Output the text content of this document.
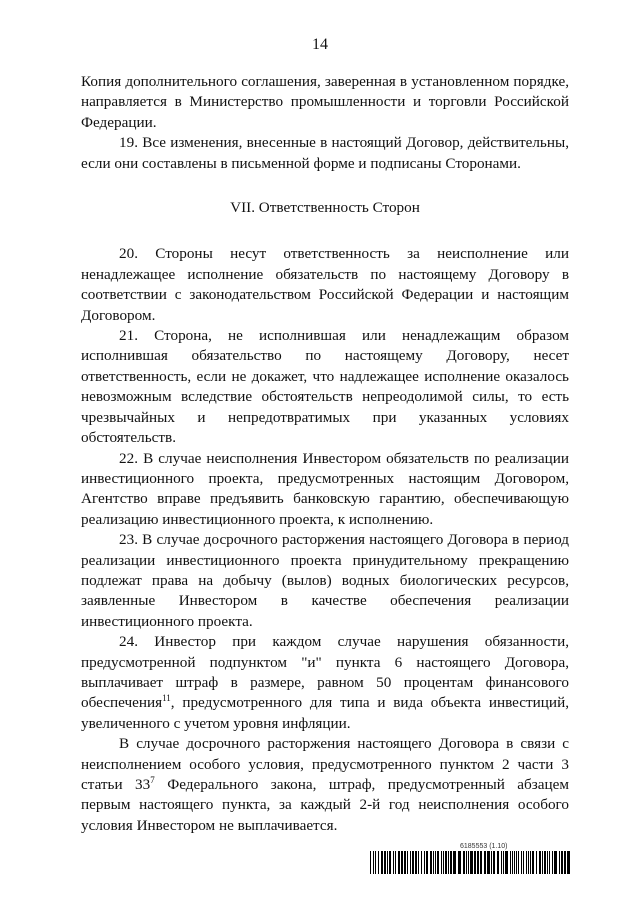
14

Копия дополнительного соглашения, заверенная в установленном порядке, направляется в Министерство промышленности и торговли Российской Федерации.

19. Все изменения, внесенные в настоящий Договор, действительны, если они составлены в письменной форме и подписаны Сторонами.

VII. Ответственность Сторон

20. Стороны несут ответственность за неисполнение или ненадлежащее исполнение обязательств по настоящему Договору в соответствии с законодательством Российской Федерации и настоящим Договором.

21. Сторона, не исполнившая или ненадлежащим образом исполнившая обязательство по настоящему Договору, несет ответственность, если не докажет, что надлежащее исполнение оказалось невозможным вследствие обстоятельств непреодолимой силы, то есть чрезвычайных и непредотвратимых при указанных условиях обстоятельств.

22. В случае неисполнения Инвестором обязательств по реализации инвестиционного проекта, предусмотренных настоящим Договором, Агентство вправе предъявить банковскую гарантию, обеспечивающую реализацию инвестиционного проекта, к исполнению.

23. В случае досрочного расторжения настоящего Договора в период реализации инвестиционного проекта принудительному прекращению подлежат права на добычу (вылов) водных биологических ресурсов, заявленные Инвестором в качестве обеспечения реализации инвестиционного проекта.

24. Инвестор при каждом случае нарушения обязанности, предусмотренной подпунктом "и" пункта 6 настоящего Договора, выплачивает штраф в размере, равном 50 процентам финансового обеспечения$^{11}$, предусмотренного для типа и вида объекта инвестиций, увеличенного с учетом уровня инфляции.

В случае досрочного расторжения настоящего Договора в связи с неисполнением особого условия, предусмотренного пунктом 2 части 3 статьи $33^7$ Федерального закона, штраф, предусмотренный абзацем первым настоящего пункта, за каждый 2-й год неисполнения особого условия Инвестором не выплачивается.

6185553 (1.10)
